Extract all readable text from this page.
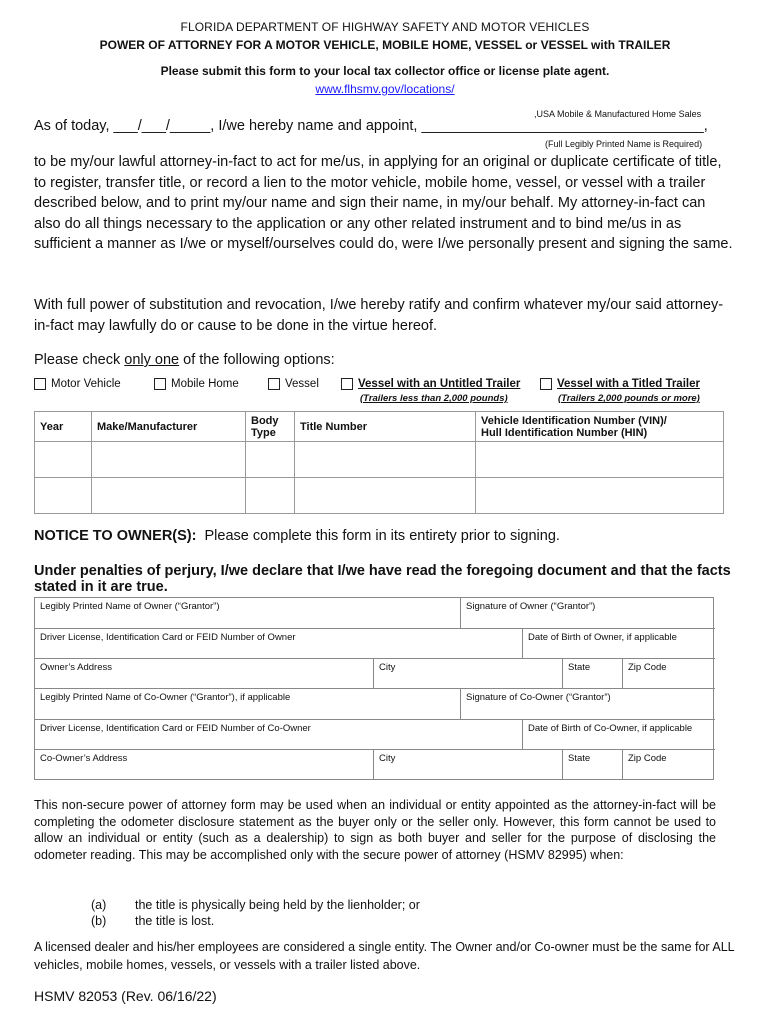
FLORIDA DEPARTMENT OF HIGHWAY SAFETY AND MOTOR VEHICLES
POWER OF ATTORNEY FOR A MOTOR VEHICLE, MOBILE HOME, VESSEL or VESSEL with TRAILER
Please submit this form to your local tax collector office or license plate agent.
www.flhsmv.gov/locations/
,USA Mobile & Manufactured Home Sales
As of today, ___/___/_____, I/we hereby name and appoint, ___________________________________,
(Full Legibly Printed Name is Required)
to be my/our lawful attorney-in-fact to act for me/us, in applying for an original or duplicate certificate of title, to register, transfer title, or record a lien to the motor vehicle, mobile home, vessel, or vessel with a trailer described below, and to print my/our name and sign their name, in my/our behalf. My attorney-in-fact can also do all things necessary to the application or any other related instrument and to bind me/us in as sufficient a manner as I/we or myself/ourselves could do, were I/we personally present and signing the same.
With full power of substitution and revocation, I/we hereby ratify and confirm whatever my/our said attorney-in-fact may lawfully do or cause to be done in the virtue hereof.
Please check only one of the following options:
Motor Vehicle	Mobile Home	Vessel	Vessel with an Untitled Trailer
(Trailers less than 2,000 pounds)
Vessel with a Titled Trailer
(Trailers 2,000 pounds or more)
Year	Make/Manufacturer	Body Type	Title Number	Vehicle Identification Number (VIN)/
Hull Identification Number (HIN)

NOTICE TO OWNER(S): Please complete this form in its entirety prior to signing.
Under penalties of perjury, I/we declare that I/we have read the foregoing document and that the facts stated in it are true.
Legibly Printed Name of Owner (“Grantor”)	Signature of Owner (“Grantor”)
Driver License, Identification Card or FEID Number of Owner	Date of Birth of Owner, if applicable
Owner’s Address	City	State	Zip Code
Legibly Printed Name of Co-Owner (“Grantor”), if applicable	Signature of Co-Owner (“Grantor”)
Driver License, Identification Card or FEID Number of Co-Owner	Date of Birth of Co-Owner, if applicable
Co-Owner’s Address	City	State	Zip Code
This non-secure power of attorney form may be used when an individual or entity appointed as the attorney-in-fact will be completing the odometer disclosure statement as the buyer only or the seller only. However, this form cannot be used to allow an individual or entity (such as a dealership) to sign as both buyer and seller for the purpose of disclosing the odometer reading. This may be accomplished only with the secure power of attorney (HSMV 82995) when:
(a) the title is physically being held by the lienholder; or
(b) the title is lost.
A licensed dealer and his/her employees are considered a single entity. The Owner and/or Co-owner must be the same for ALL vehicles, mobile homes, vessels, or vessels with a trailer listed above.
HSMV 82053 (Rev. 06/16/22)
